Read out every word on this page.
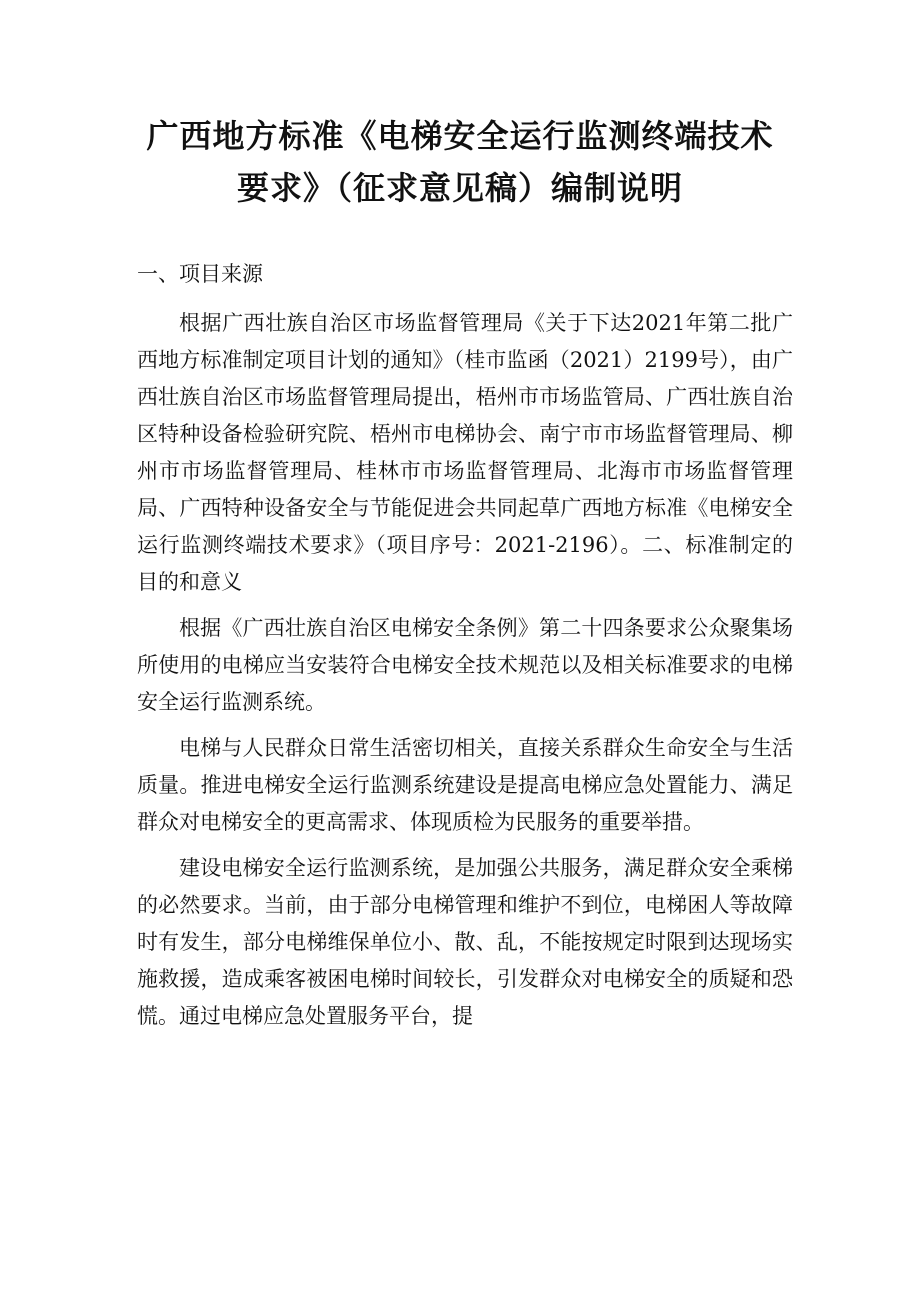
广西地方标准《电梯安全运行监测终端技术
要求》（征求意见稿）编制说明
一、项目来源

根据广西壮族自治区市场监督管理局《关于下达2021年第二批广西地方标准制定项目计划的通知》（桂市监函（2021）2199号），由广西壮族自治区市场监督管理局提出，梧州市市场监管局、广西壮族自治区特种设备检验研究院、梧州市电梯协会、南宁市市场监督管理局、柳州市市场监督管理局、桂林市市场监督管理局、北海市市场监督管理局、广西特种设备安全与节能促进会共同起草广西地方标准《电梯安全运行监测终端技术要求》（项目序号：2021-2196）。二、标准制定的目的和意义

根据《广西壮族自治区电梯安全条例》第二十四条要求公众聚集场所使用的电梯应当安装符合电梯安全技术规范以及相关标准要求的电梯安全运行监测系统。

电梯与人民群众日常生活密切相关，直接关系群众生命安全与生活质量。推进电梯安全运行监测系统建设是提高电梯应急处置能力、满足群众对电梯安全的更高需求、体现质检为民服务的重要举措。

建设电梯安全运行监测系统，是加强公共服务，满足群众安全乘梯的必然要求。当前，由于部分电梯管理和维护不到位，电梯困人等故障时有发生，部分电梯维保单位小、散、乱，不能按规定时限到达现场实施救援，造成乘客被困电梯时间较长，引发群众对电梯安全的质疑和恐慌。通过电梯应急处置服务平台，提
